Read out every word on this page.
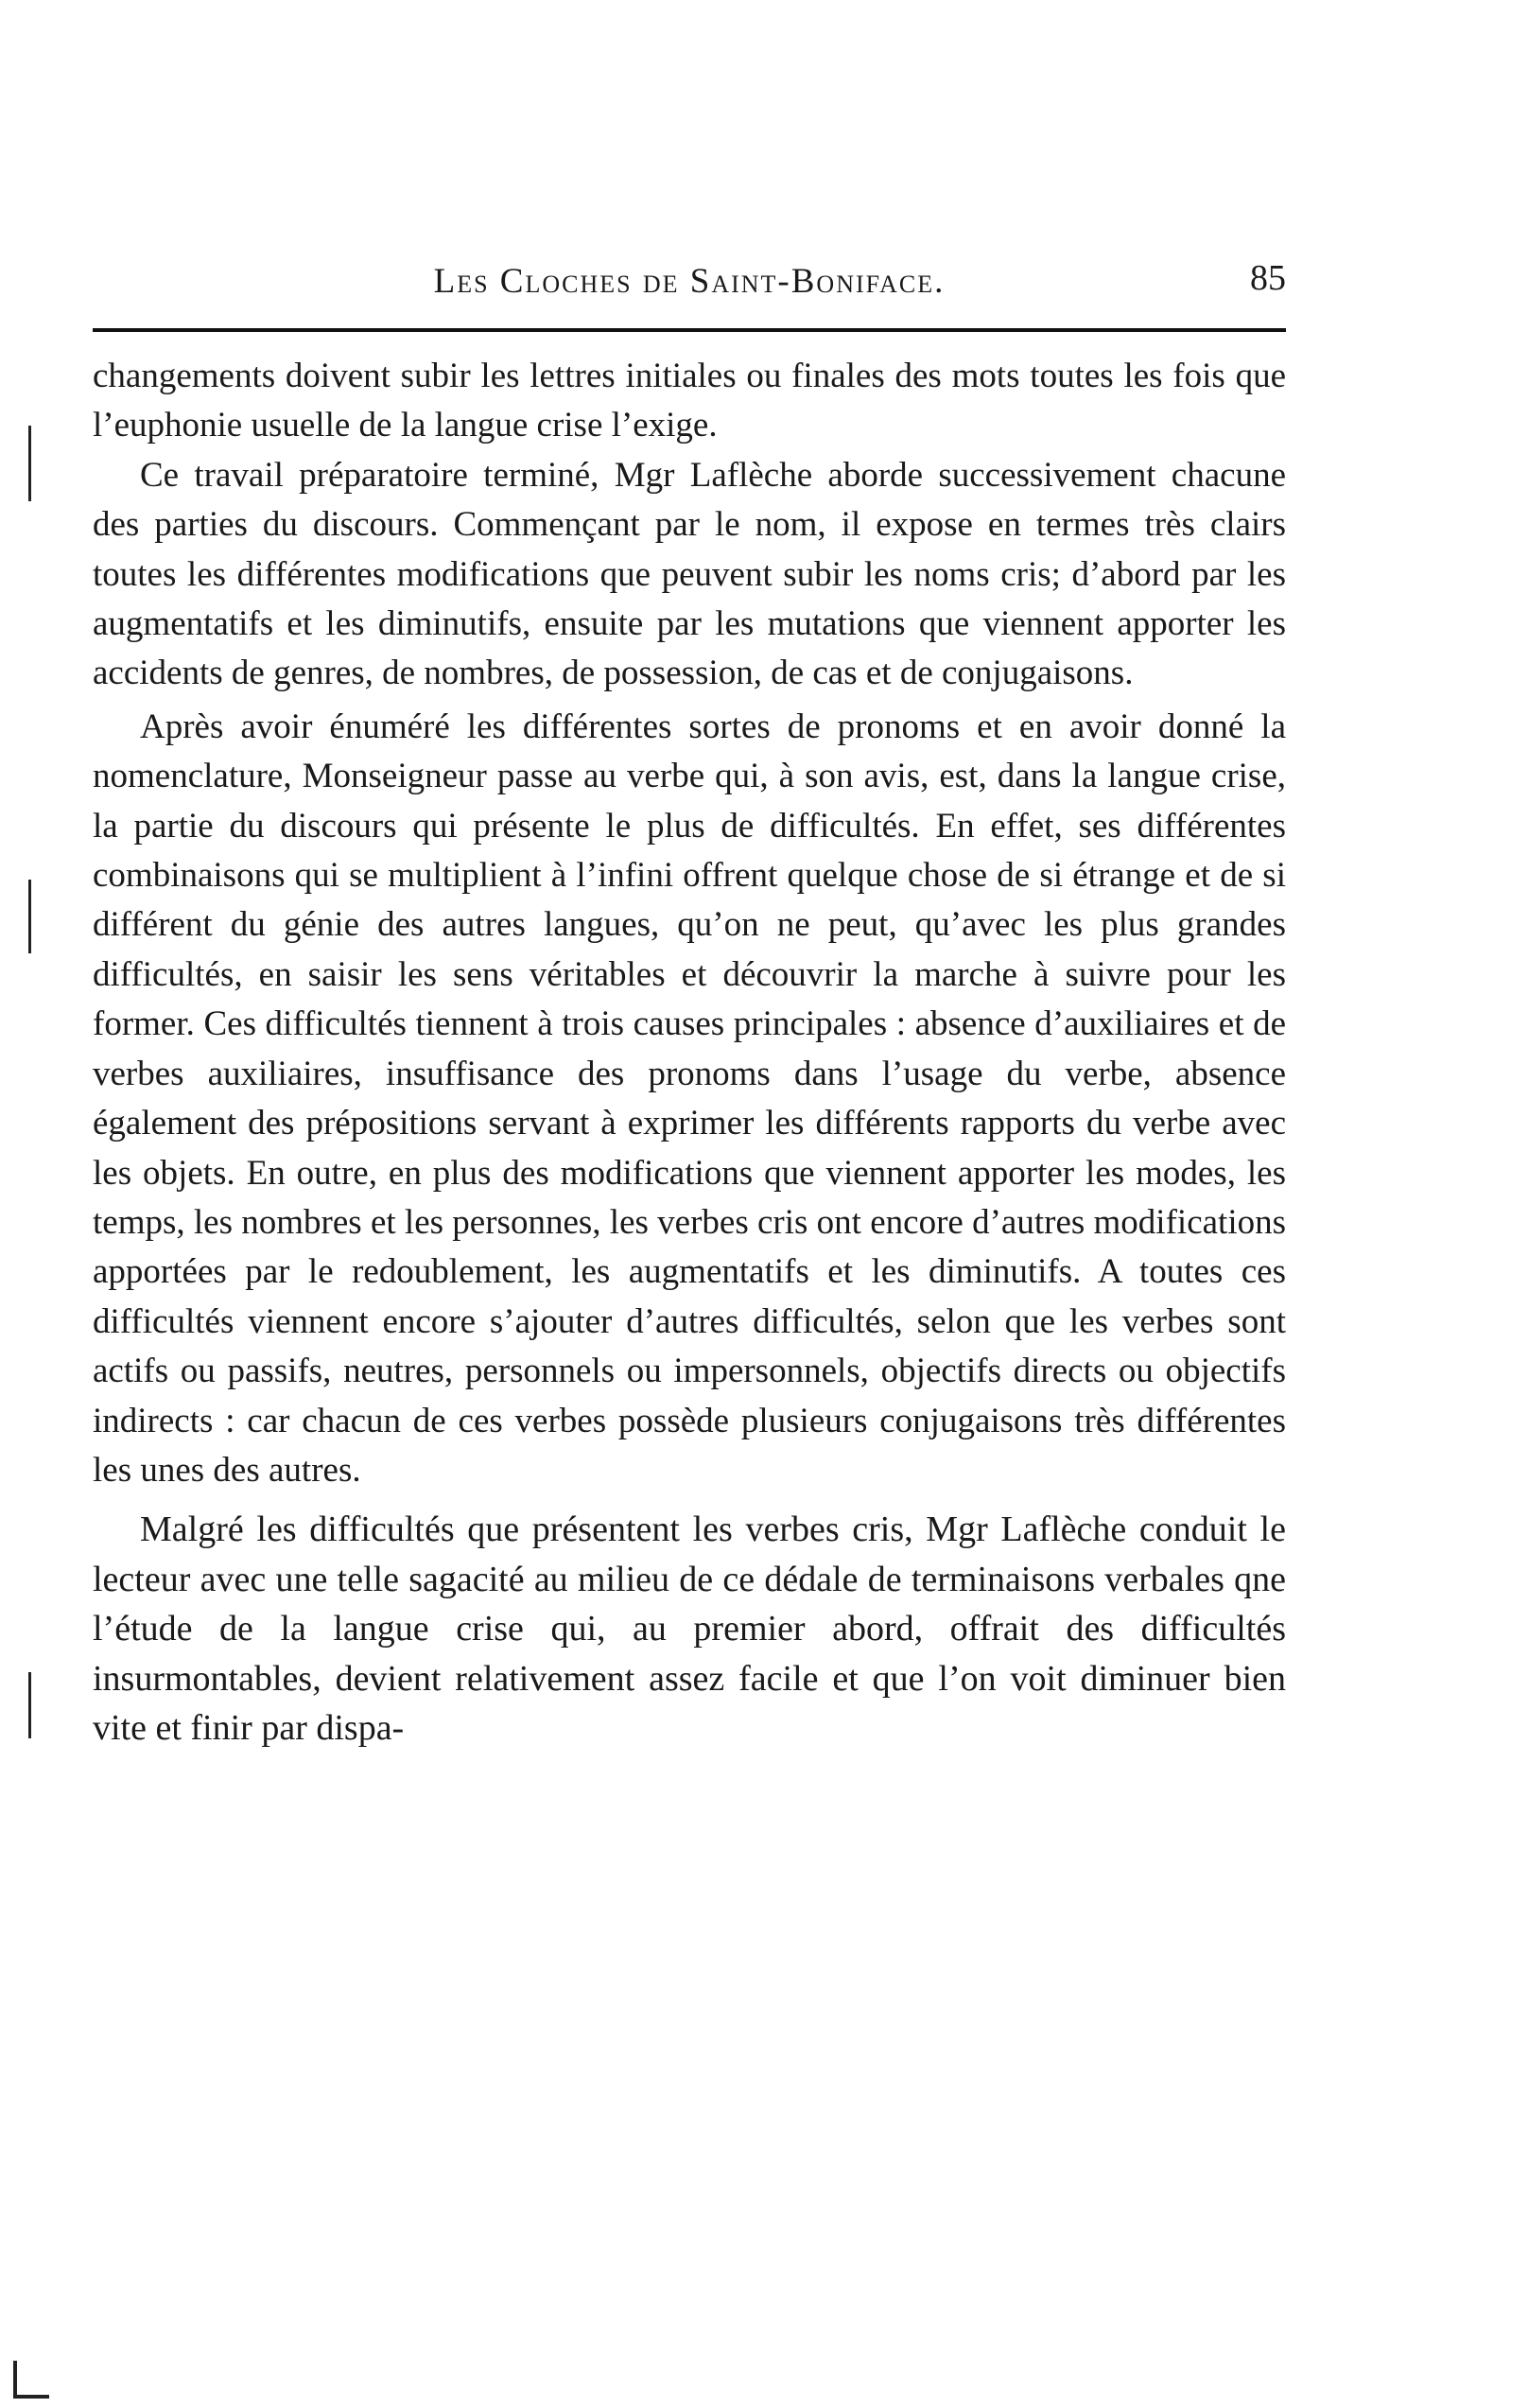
Les Cloches de Saint-Boniface.	85

changements doivent subir les lettres initiales ou finales des mots toutes les fois que l’euphonie usuelle de la langue crise l’exige.

Ce travail préparatoire terminé, Mgr Laflèche aborde successivement chacune des parties du discours. Commençant par le nom, il expose en termes très clairs toutes les différentes modifications que peuvent subir les noms cris; d’abord par les augmentatifs et les diminutifs, ensuite par les mutations que viennent apporter les accidents de genres, de nombres, de possession, de cas et de conjugaisons.

Après avoir énuméré les différentes sortes de pronoms et en avoir donné la nomenclature, Monseigneur passe au verbe qui, à son avis, est, dans la langue crise, la partie du discours qui présente le plus de difficultés. En effet, ses différentes combinaisons qui se multiplient à l’infini offrent quelque chose de si étrange et de si différent du génie des autres langues, qu’on ne peut, qu’avec les plus grandes difficultés, en saisir les sens véritables et découvrir la marche à suivre pour les former. Ces difficultés tiennent à trois causes principales : absence d’auxiliaires et de verbes auxiliaires, insuffisance des pronoms dans l’usage du verbe, absence également des prépositions servant à exprimer les différents rapports du verbe avec les objets. En outre, en plus des modifications que viennent apporter les modes, les temps, les nombres et les personnes, les verbes cris ont encore d’autres modifications apportées par le redoublement, les augmentatifs et les diminutifs. A toutes ces difficultés viennent encore s’ajouter d’autres difficultés, selon que les verbes sont actifs ou passifs, neutres, personnels ou impersonnels, objectifs directs ou objectifs indirects : car chacun de ces verbes possède plusieurs conjugaisons très différentes les unes des autres.

Malgré les difficultés que présentent les verbes cris, Mgr Laflèche conduit le lecteur avec une telle sagacité au milieu de ce dédale de terminaisons verbales qne l’étude de la langue crise qui, au premier abord, offrait des difficultés insurmontables, devient relativement assez facile et que l’on voit diminuer bien vite et finir par dispa-
